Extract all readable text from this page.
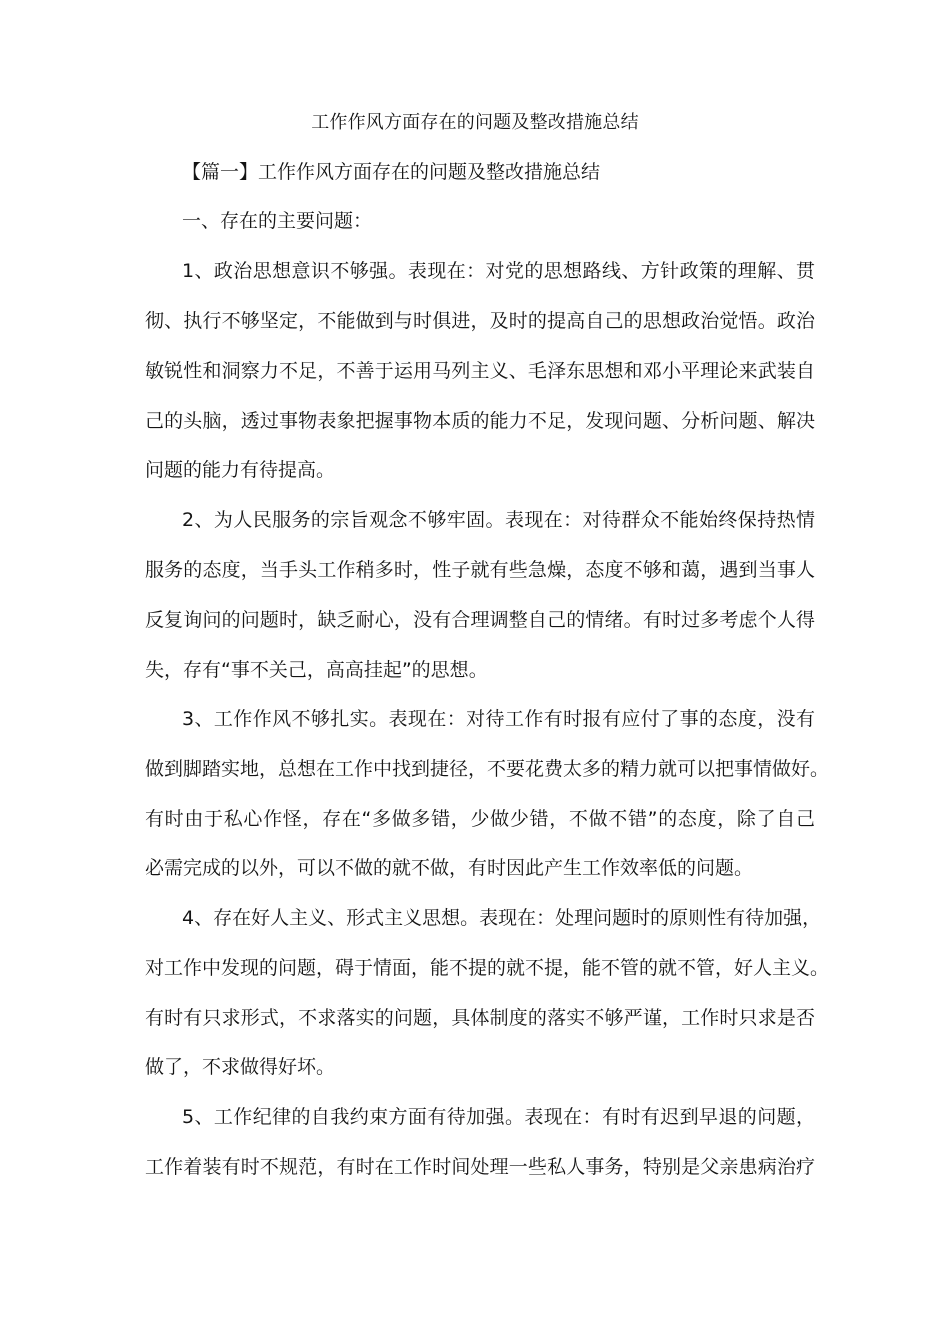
工作作风方面存在的问题及整改措施总结

【篇一】工作作风方面存在的问题及整改措施总结

一、存在的主要问题：

1、政治思想意识不够强。表现在：对党的思想路线、方针政策的理解、贯

彻、执行不够坚定，不能做到与时俱进，及时的提高自己的思想政治觉悟。政治

敏锐性和洞察力不足，不善于运用马列主义、毛泽东思想和邓小平理论来武装自

己的头脑，透过事物表象把握事物本质的能力不足，发现问题、分析问题、解决

问题的能力有待提高。

2、为人民服务的宗旨观念不够牢固。表现在：对待群众不能始终保持热情

服务的态度，当手头工作稍多时，性子就有些急燥，态度不够和蔼，遇到当事人

反复询问的问题时，缺乏耐心，没有合理调整自己的情绪。有时过多考虑个人得

失，存有“事不关己，高高挂起”的思想。

3、工作作风不够扎实。表现在：对待工作有时报有应付了事的态度，没有

做到脚踏实地，总想在工作中找到捷径，不要花费太多的精力就可以把事情做好。

有时由于私心作怪，存在“多做多错，少做少错，不做不错”的态度，除了自己

必需完成的以外，可以不做的就不做，有时因此产生工作效率低的问题。

4、存在好人主义、形式主义思想。表现在：处理问题时的原则性有待加强，

对工作中发现的问题，碍于情面，能不提的就不提，能不管的就不管，好人主义。

有时有只求形式，不求落实的问题，具体制度的落实不够严谨，工作时只求是否

做了，不求做得好坏。

5、工作纪律的自我约束方面有待加强。表现在：有时有迟到早退的问题，

工作着装有时不规范，有时在工作时间处理一些私人事务，特别是父亲患病治疗
